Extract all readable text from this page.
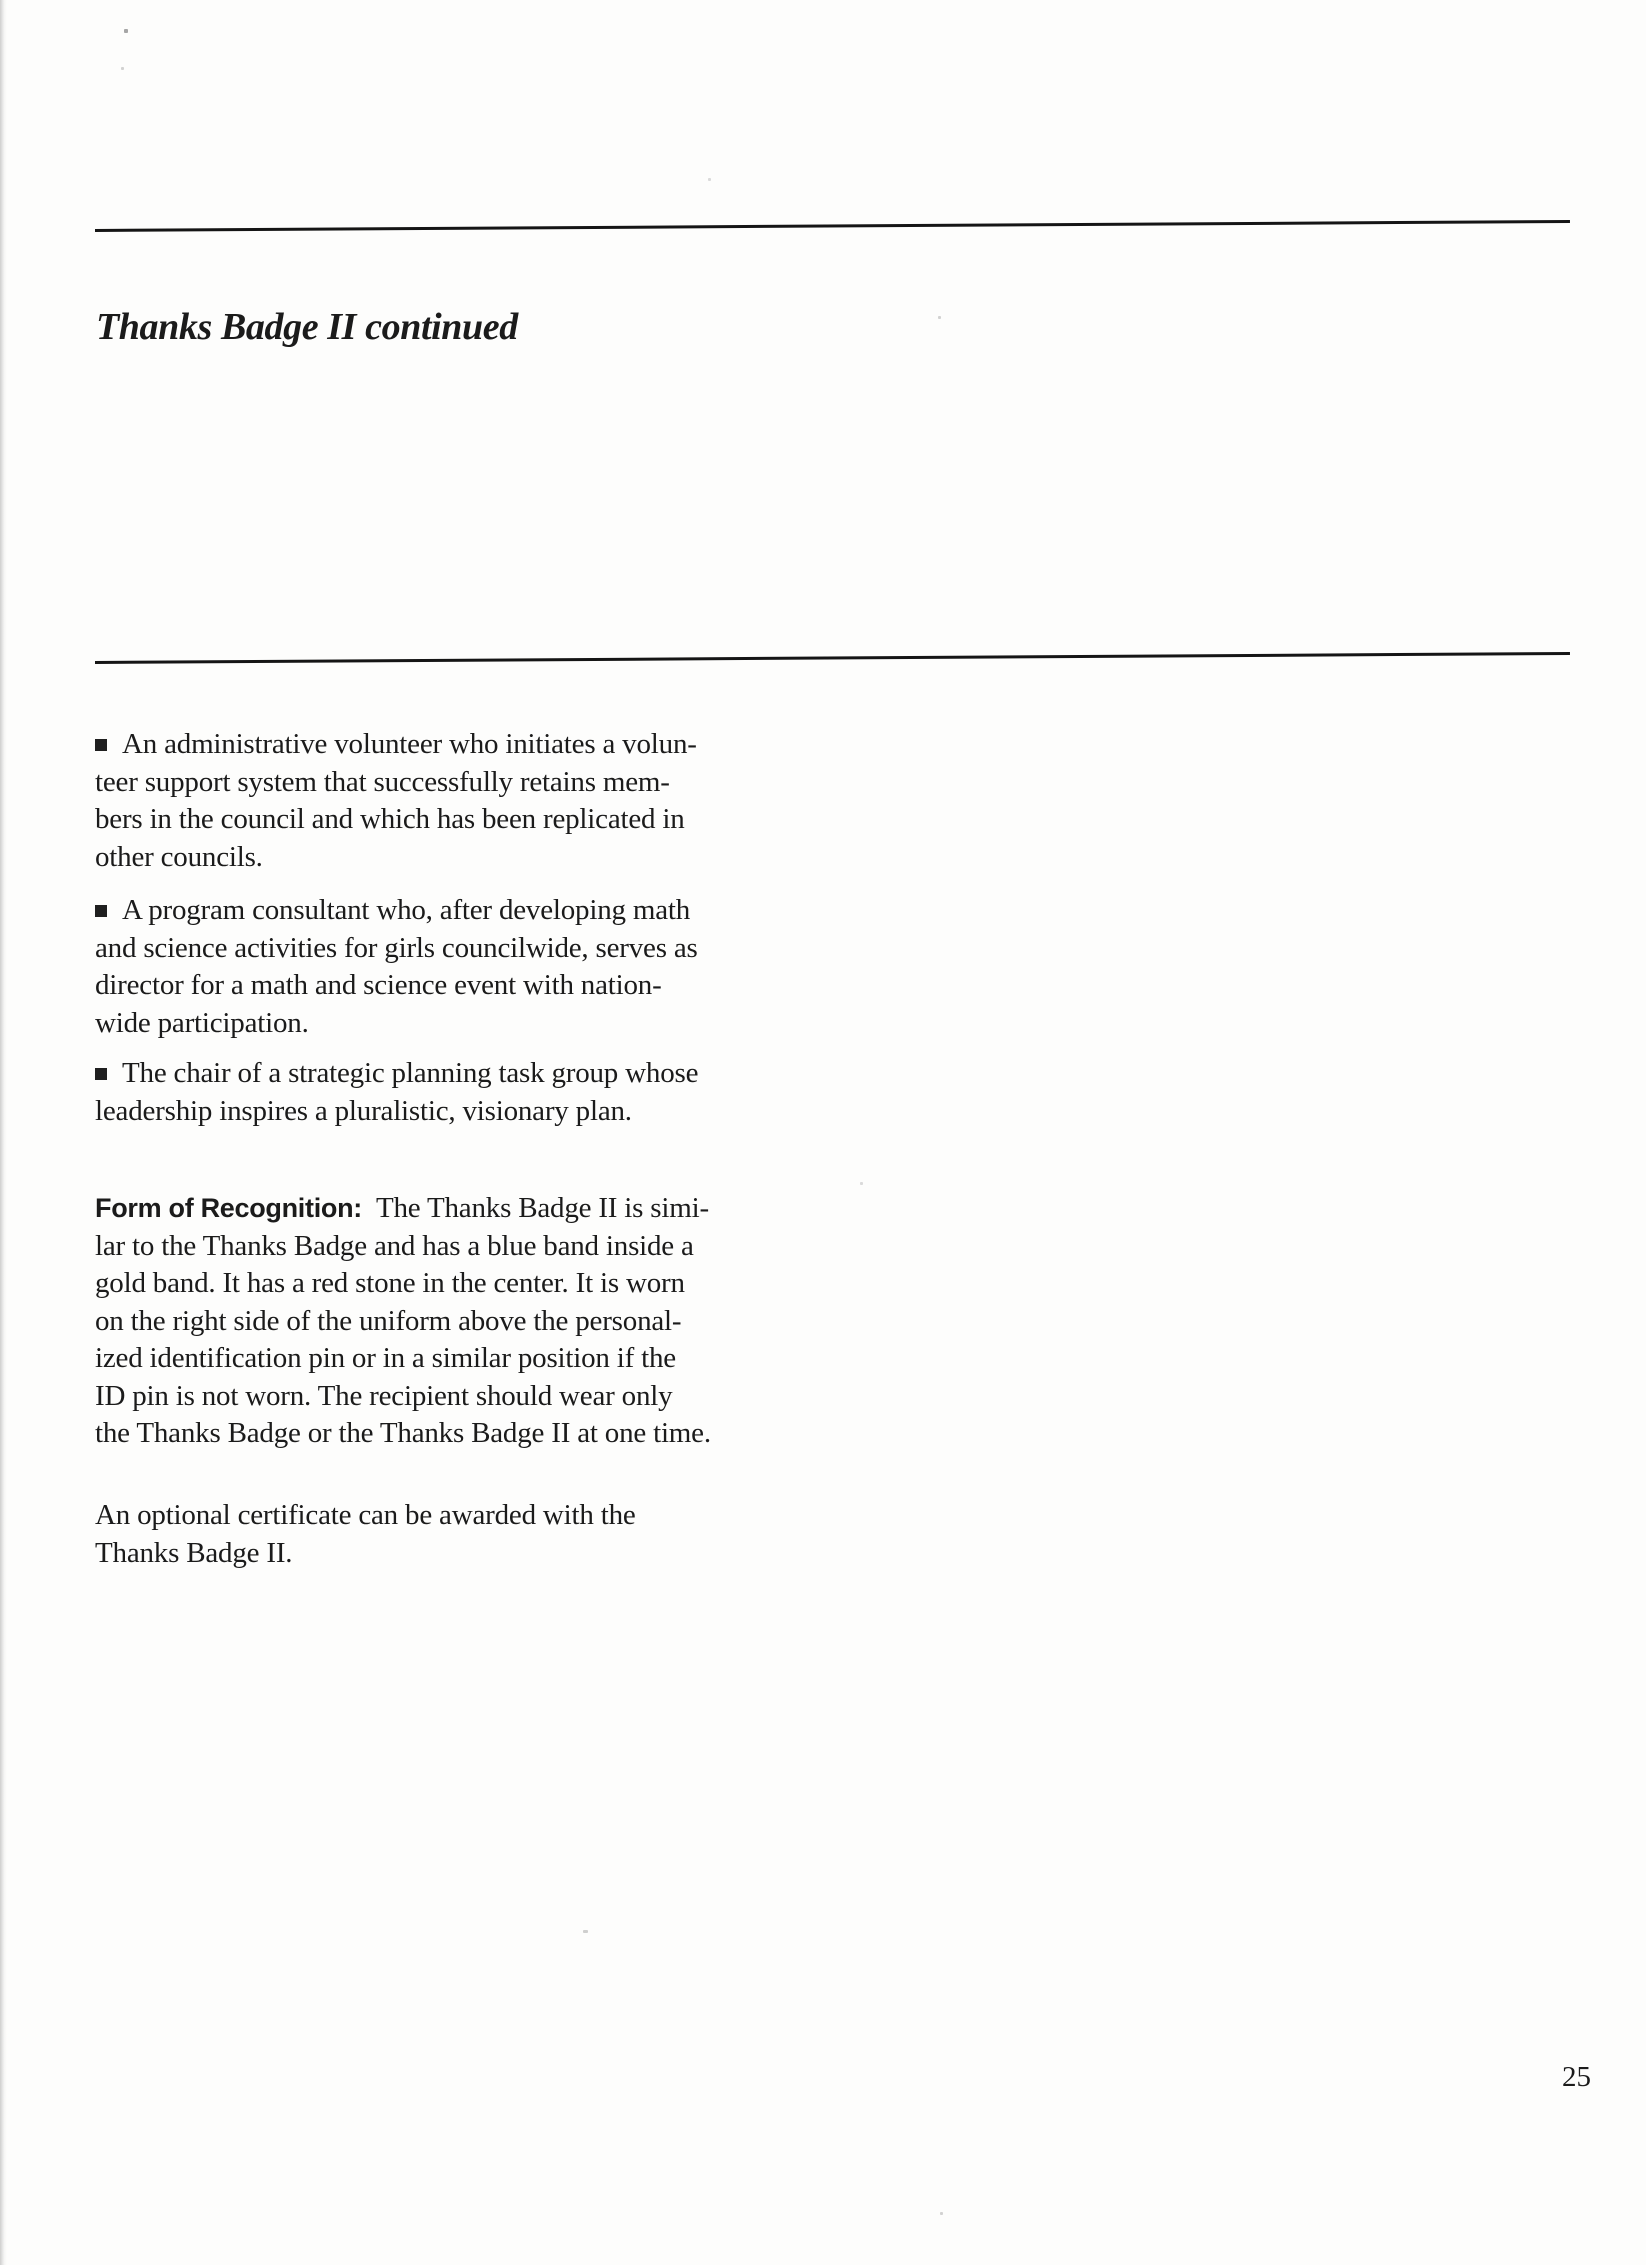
Thanks Badge II continued
An administrative volunteer who initiates a volun-
teer support system that successfully retains mem-
bers in the council and which has been replicated in
other councils.
A program consultant who, after developing math
and science activities for girls councilwide, serves as
director for a math and science event with nation-
wide participation.
The chair of a strategic planning task group whose
leadership inspires a pluralistic, visionary plan.
Form of Recognition: The Thanks Badge II is simi-
lar to the Thanks Badge and has a blue band inside a
gold band. It has a red stone in the center. It is worn
on the right side of the uniform above the personal-
ized identification pin or in a similar position if the
ID pin is not worn. The recipient should wear only
the Thanks Badge or the Thanks Badge II at one time.
An optional certificate can be awarded with the
Thanks Badge II.
25
